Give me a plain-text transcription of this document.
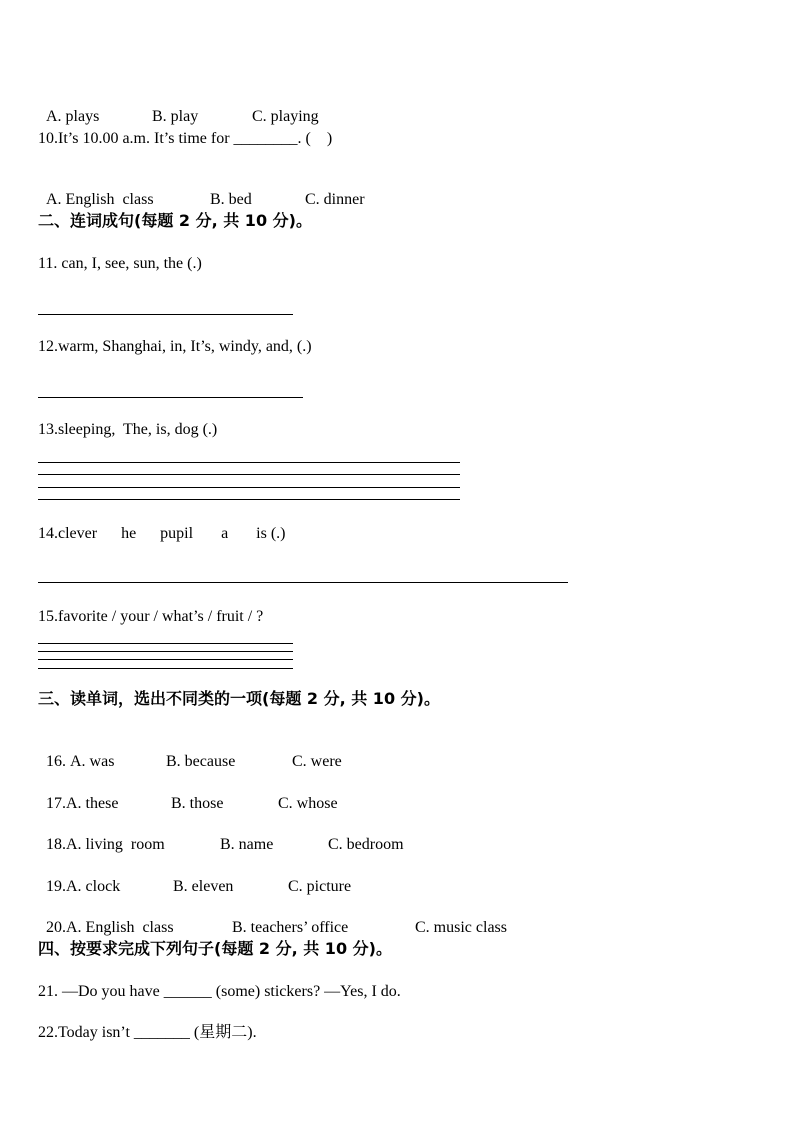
A. plays	B. play	C. playing

10.It’s 10.00 a.m. It’s time for ________. (    )

A. English  class	B. bed	C. dinner

二、连词成句(每题 2 分, 共 10 分)。
11. can, I, see, sun, the (.)
12.warm, Shanghai, in, It’s, windy, and, (.)
13.sleeping,  The, is, dog (.)
14.clever      he      pupil       a       is (.)
15.favorite / your / what’s / fruit / ?
三、读单词，选出不同类的一项(每题 2 分, 共 10 分)。

16. A. was	B. because	C. were

17.A. these	B. those	C. whose

18.A. living  room	B. name	C. bedroom

19.A. clock	B. eleven	C. picture

20.A. English  class	B. teachers’ office	C. music class

四、按要求完成下列句子(每题 2 分, 共 10 分)。
21. —Do you have ______ (some) stickers? —Yes, I do.
22.Today isn’t _______ (星期二).
